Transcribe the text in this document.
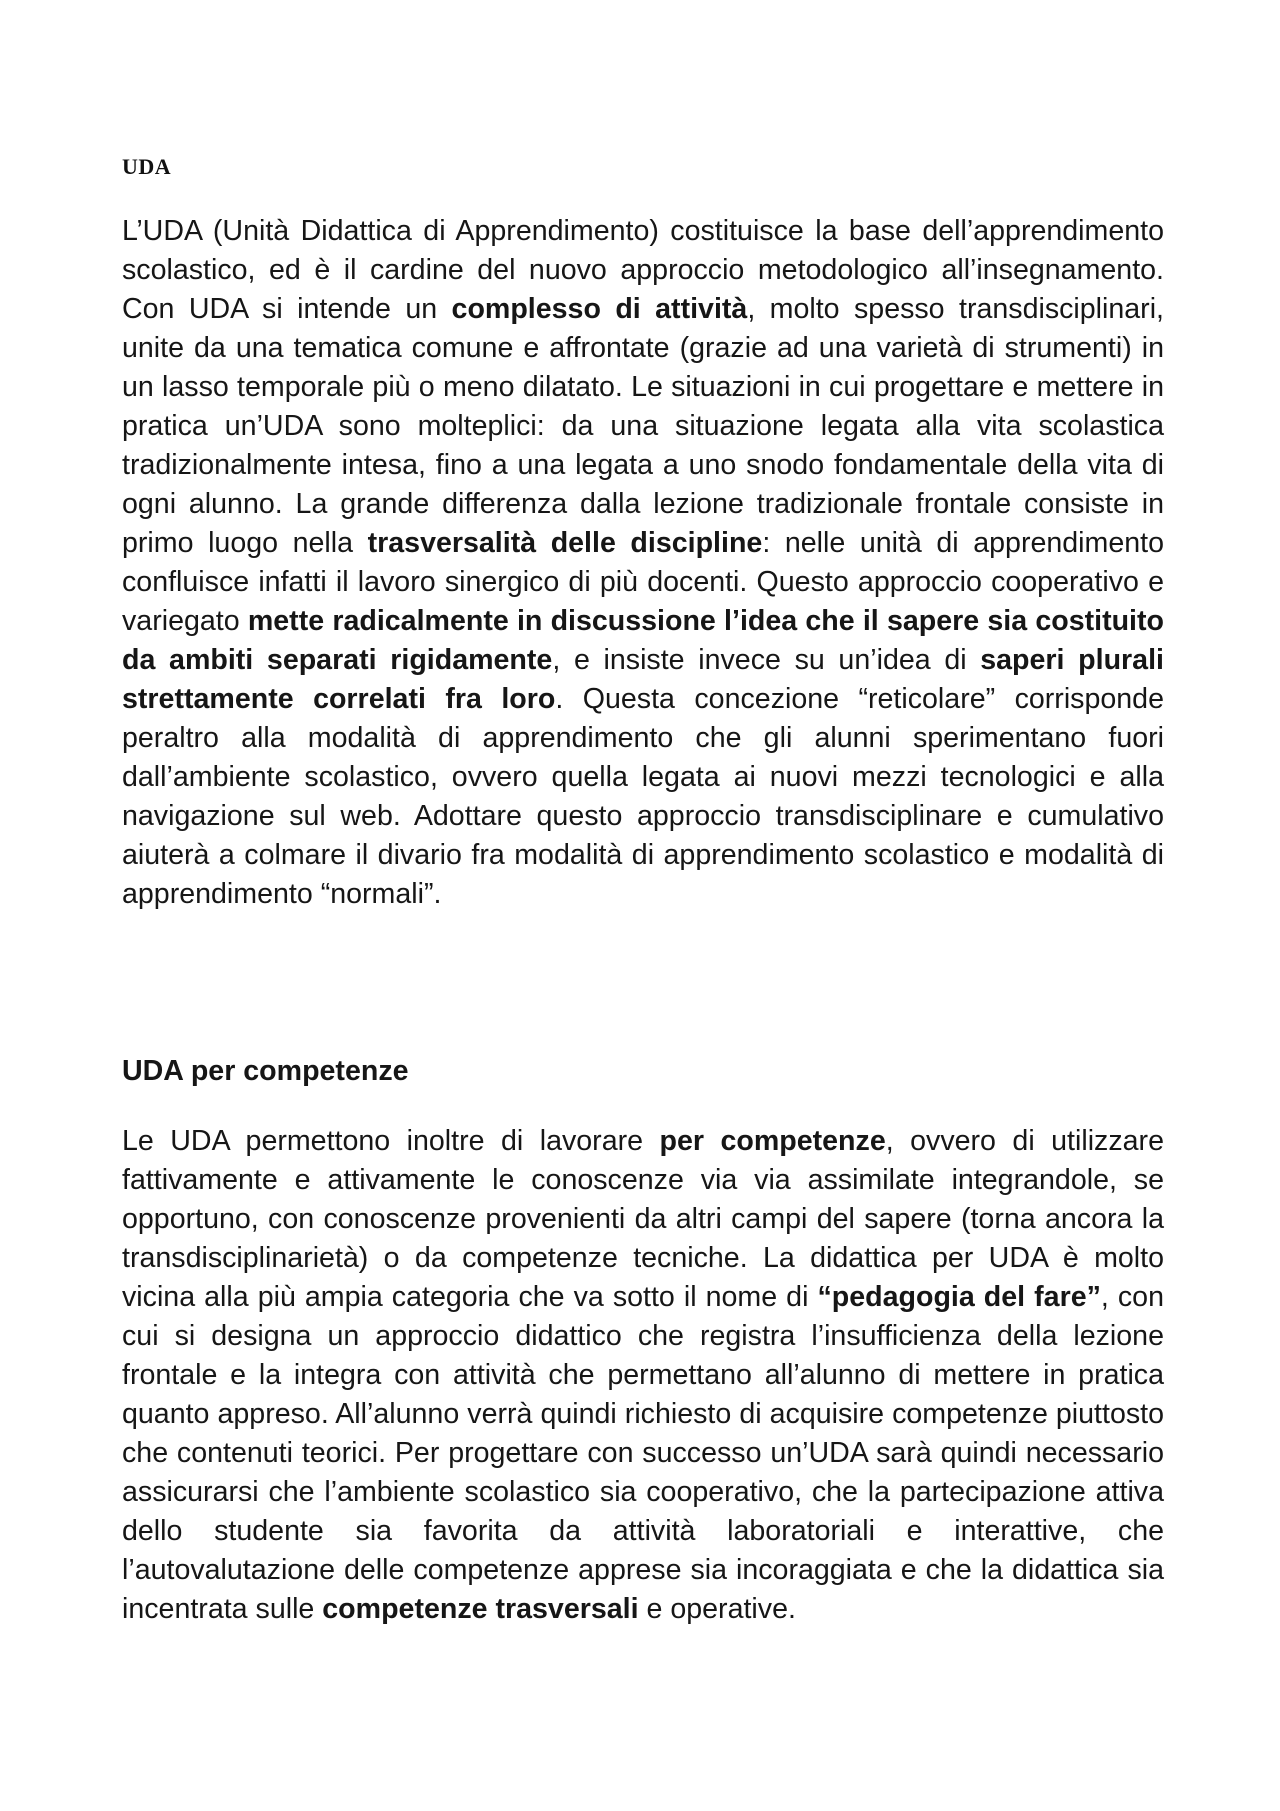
UDA

L’UDA (Unità Didattica di Apprendimento) costituisce la base dell’apprendimento scolastico, ed è il cardine del nuovo approccio metodologico all’insegnamento. Con UDA si intende un complesso di attività, molto spesso transdisciplinari, unite da una tematica comune e affrontate (grazie ad una varietà di strumenti) in un lasso temporale più o meno dilatato. Le situazioni in cui progettare e mettere in pratica un’UDA sono molteplici: da una situazione legata alla vita scolastica tradizionalmente intesa, fino a una legata a uno snodo fondamentale della vita di ogni alunno. La grande differenza dalla lezione tradizionale frontale consiste in primo luogo nella trasversalità delle discipline: nelle unità di apprendimento confluisce infatti il lavoro sinergico di più docenti. Questo approccio cooperativo e variegato mette radicalmente in discussione l’idea che il sapere sia costituito da ambiti separati rigidamente, e insiste invece su un’idea di saperi plurali strettamente correlati fra loro. Questa concezione “reticolare” corrisponde peraltro alla modalità di apprendimento che gli alunni sperimentano fuori dall’ambiente scolastico, ovvero quella legata ai nuovi mezzi tecnologici e alla navigazione sul web. Adottare questo approccio transdisciplinare e cumulativo aiuterà a colmare il divario fra modalità di apprendimento scolastico e modalità di apprendimento “normali”.

UDA per competenze

Le UDA permettono inoltre di lavorare per competenze, ovvero di utilizzare fattivamente e attivamente le conoscenze via via assimilate integrandole, se opportuno, con conoscenze provenienti da altri campi del sapere (torna ancora la transdisciplinarietà) o da competenze tecniche. La didattica per UDA è molto vicina alla più ampia categoria che va sotto il nome di “pedagogia del fare”, con cui si designa un approccio didattico che registra l’insufficienza della lezione frontale e la integra con attività che permettano all’alunno di mettere in pratica quanto appreso. All’alunno verrà quindi richiesto di acquisire competenze piuttosto che contenuti teorici. Per progettare con successo un’UDA sarà quindi necessario assicurarsi che l’ambiente scolastico sia cooperativo, che la partecipazione attiva dello studente sia favorita da attività laboratoriali e interattive, che l’autovalutazione delle competenze apprese sia incoraggiata e che la didattica sia incentrata sulle competenze trasversali e operative.
